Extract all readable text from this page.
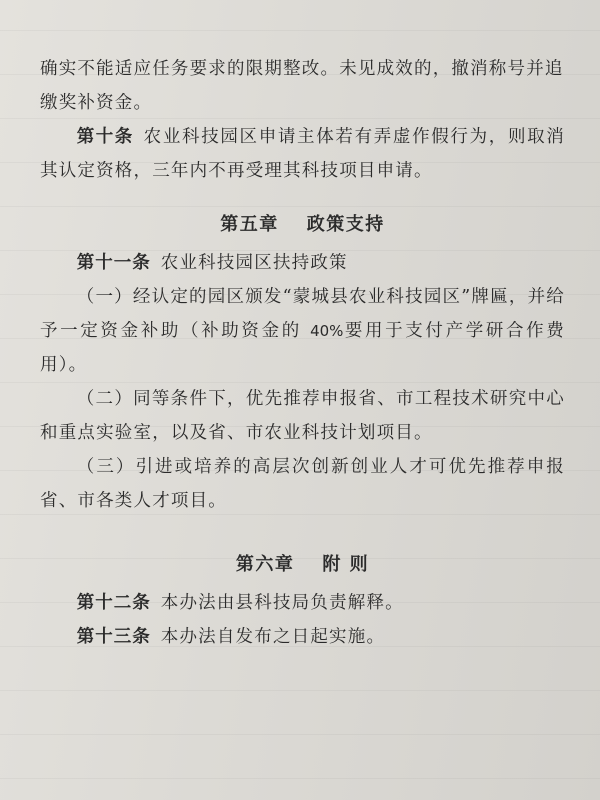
确实不能适应任务要求的限期整改。未见成效的，撤消称号并追
缴奖补资金。

第十条 农业科技园区申请主体若有弄虚作假行为，则取消其认定资格，三年内不再受理其科技项目申请。

第五章 政策支持

第十一条 农业科技园区扶持政策

（一）经认定的园区颁发“蒙城县农业科技园区”牌匾，并给予一定资金补助（补助资金的 40%要用于支付产学研合作费用）。

（二）同等条件下，优先推荐申报省、市工程技术研究中心和重点实验室，以及省、市农业科技计划项目。

（三）引进或培养的高层次创新创业人才可优先推荐申报省、市各类人才项目。

第六章 附 则

第十二条 本办法由县科技局负责解释。

第十三条 本办法自发布之日起实施。
